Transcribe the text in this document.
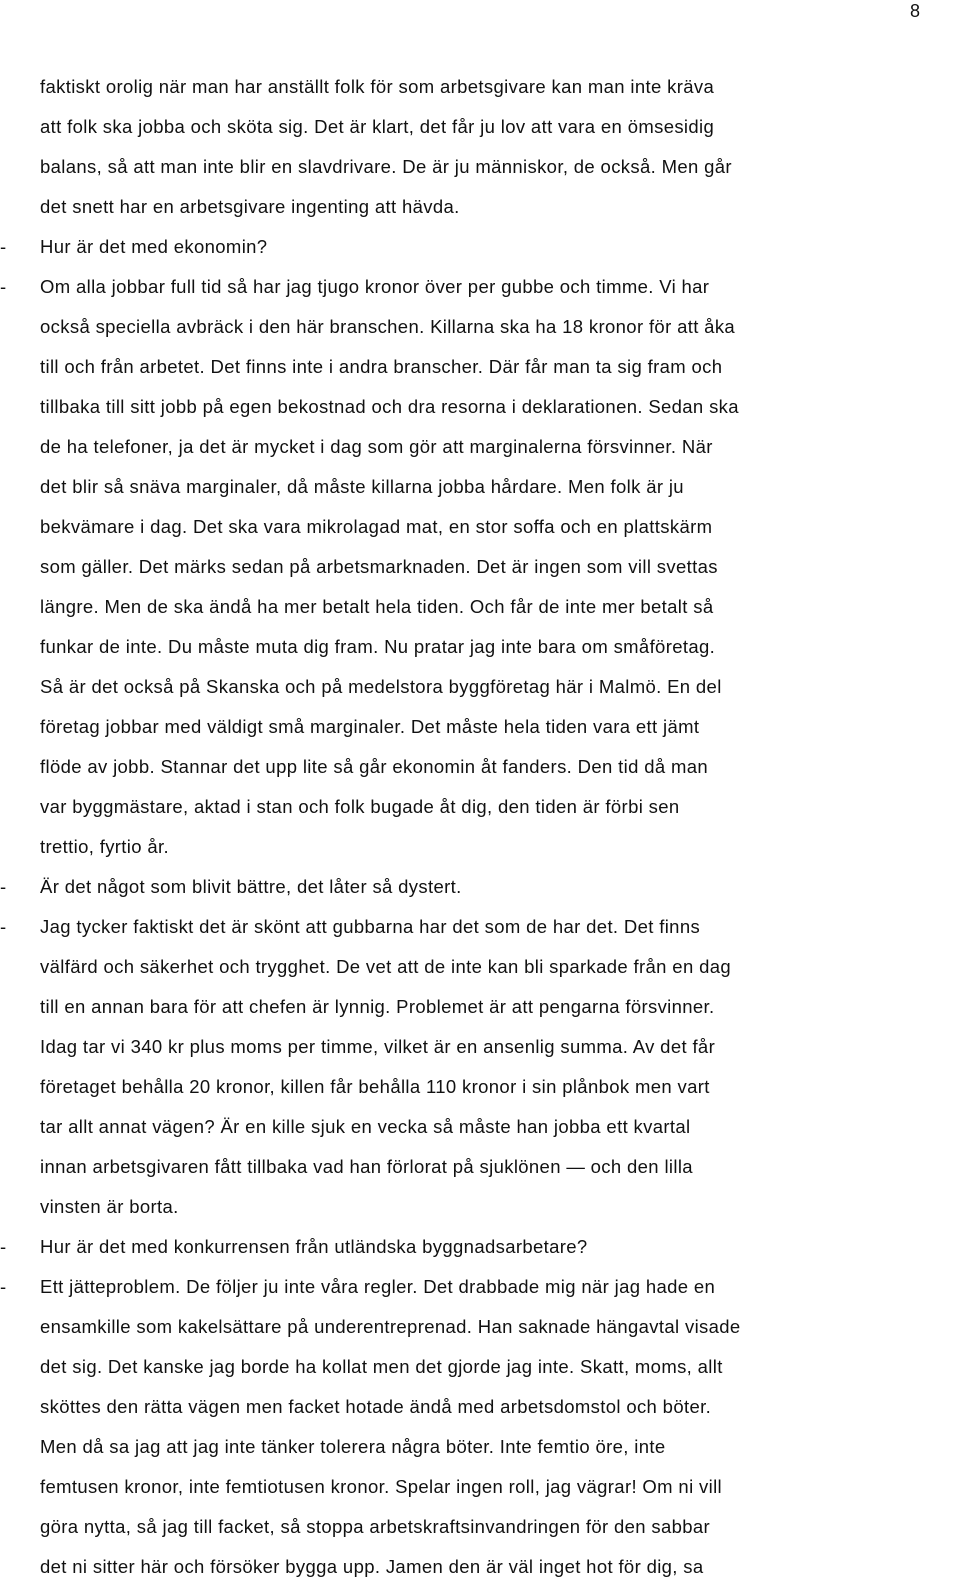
8
faktiskt orolig när man har anställt folk för som arbetsgivare kan man inte kräva
att folk ska jobba och sköta sig. Det är klart, det får ju lov att vara en ömsesidig
balans, så att man inte blir en slavdrivare. De är ju människor, de också. Men går
det snett har en arbetsgivare ingenting att hävda.
- Hur är det med ekonomin?
- Om alla jobbar full tid så har jag tjugo kronor över per gubbe och timme. Vi har
också speciella avbräck i den här branschen. Killarna ska ha 18 kronor för att åka
till och från arbetet. Det finns inte i andra branscher. Där får man ta sig fram och
tillbaka till sitt jobb på egen bekostnad och dra resorna i deklarationen. Sedan ska
de ha telefoner, ja det är mycket i dag som gör att marginalerna försvinner. När
det blir så snäva marginaler, då måste killarna jobba hårdare. Men folk är ju
bekvämare i dag. Det ska vara mikrolagad mat, en stor soffa och en plattskärm
som gäller. Det märks sedan på arbetsmarknaden. Det är ingen som vill svettas
längre. Men de ska ändå ha mer betalt hela tiden. Och får de inte mer betalt så
funkar de inte. Du måste muta dig fram. Nu pratar jag inte bara om småföretag.
Så är det också på Skanska och på medelstora byggföretag här i Malmö. En del
företag jobbar med väldigt små marginaler. Det måste hela tiden vara ett jämt
flöde av jobb. Stannar det upp lite så går ekonomin åt fanders. Den tid då man
var byggmästare, aktad i stan och folk bugade åt dig, den tiden är förbi sen
trettio, fyrtio år.
- Är det något som blivit bättre, det låter så dystert.
- Jag tycker faktiskt det är skönt att gubbarna har det som de har det. Det finns
välfärd och säkerhet och trygghet. De vet att de inte kan bli sparkade från en dag
till en annan bara för att chefen är lynnig. Problemet är att pengarna försvinner.
Idag tar vi 340 kr plus moms per timme, vilket är en ansenlig summa. Av det får
företaget behålla 20 kronor, killen får behålla 110 kronor i sin plånbok men vart
tar allt annat vägen? Är en kille sjuk en vecka så måste han jobba ett kvartal
innan arbetsgivaren fått tillbaka vad han förlorat på sjuklönen — och den lilla
vinsten är borta.
- Hur är det med konkurrensen från utländska byggnadsarbetare?
- Ett jätteproblem. De följer ju inte våra regler. Det drabbade mig när jag hade en
ensamkille som kakelsättare på underentreprenad. Han saknade hängavtal visade
det sig. Det kanske jag borde ha kollat men det gjorde jag inte. Skatt, moms, allt
sköttes den rätta vägen men facket hotade ändå med arbetsdomstol och böter.
Men då sa jag att jag inte tänker tolerera några böter. Inte femtio öre, inte
femtusen kronor, inte femtiotusen kronor. Spelar ingen roll, jag vägrar! Om ni vill
göra nytta, så jag till facket, så stoppa arbetskraftsinvandringen för den sabbar
det ni sitter här och försöker bygga upp. Jamen den är väl inget hot för dig, sa
